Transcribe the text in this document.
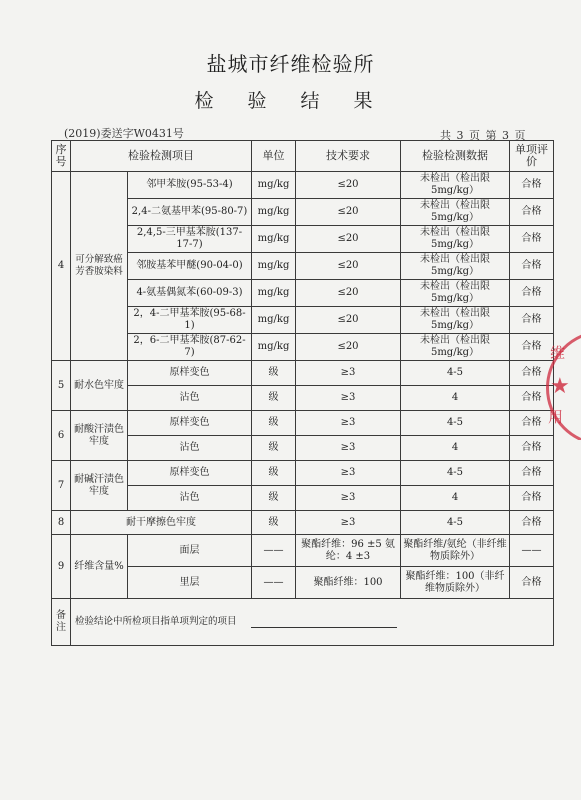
盐城市纤维检验所
检 验 结 果
(2019)委送字W0431号	共 3 页 第 3 页
序号	检验检测项目		单位	技术要求	检验检测数据	单项评价
4	可分解致癌芳香胺染料	邻甲苯胺(95-53-4)	mg/kg	≤20	未检出（检出限5mg/kg）	合格
		2,4-二氨基甲苯(95-80-7)	mg/kg	≤20	未检出（检出限5mg/kg）	合格
		2,4,5-三甲基苯胺(137-17-7)	mg/kg	≤20	未检出（检出限5mg/kg）	合格
		邻胺基苯甲醚(90-04-0)	mg/kg	≤20	未检出（检出限5mg/kg）	合格
		4-氨基偶氮苯(60-09-3)	mg/kg	≤20	未检出（检出限5mg/kg）	合格
		2，4-二甲基苯胺(95-68-1)	mg/kg	≤20	未检出（检出限5mg/kg）	合格
		2，6-二甲基苯胺(87-62-7)	mg/kg	≤20	未检出（检出限5mg/kg）	合格
5	耐水色牢度	原样变色	级	≥3	4-5	合格
		沾色	级	≥3	4	合格
6	耐酸汗渍色牢度	原样变色	级	≥3	4-5	合格
		沾色	级	≥3	4	合格
7	耐碱汗渍色牢度	原样变色	级	≥3	4-5	合格
		沾色	级	≥3	4	合格
8	耐干摩擦色牢度		级	≥3	4-5	合格
9	纤维含量%	面层	——	聚酯纤维：96 ±5 氨纶：4 ±3	聚酯纤维/氨纶（非纤维物质除外）	——
		里层	——	聚酯纤维：100	聚酯纤维：100（非纤维物质除外）	合格
备注	检验结论中所检项目指单项判定的项目					
维
★
用
